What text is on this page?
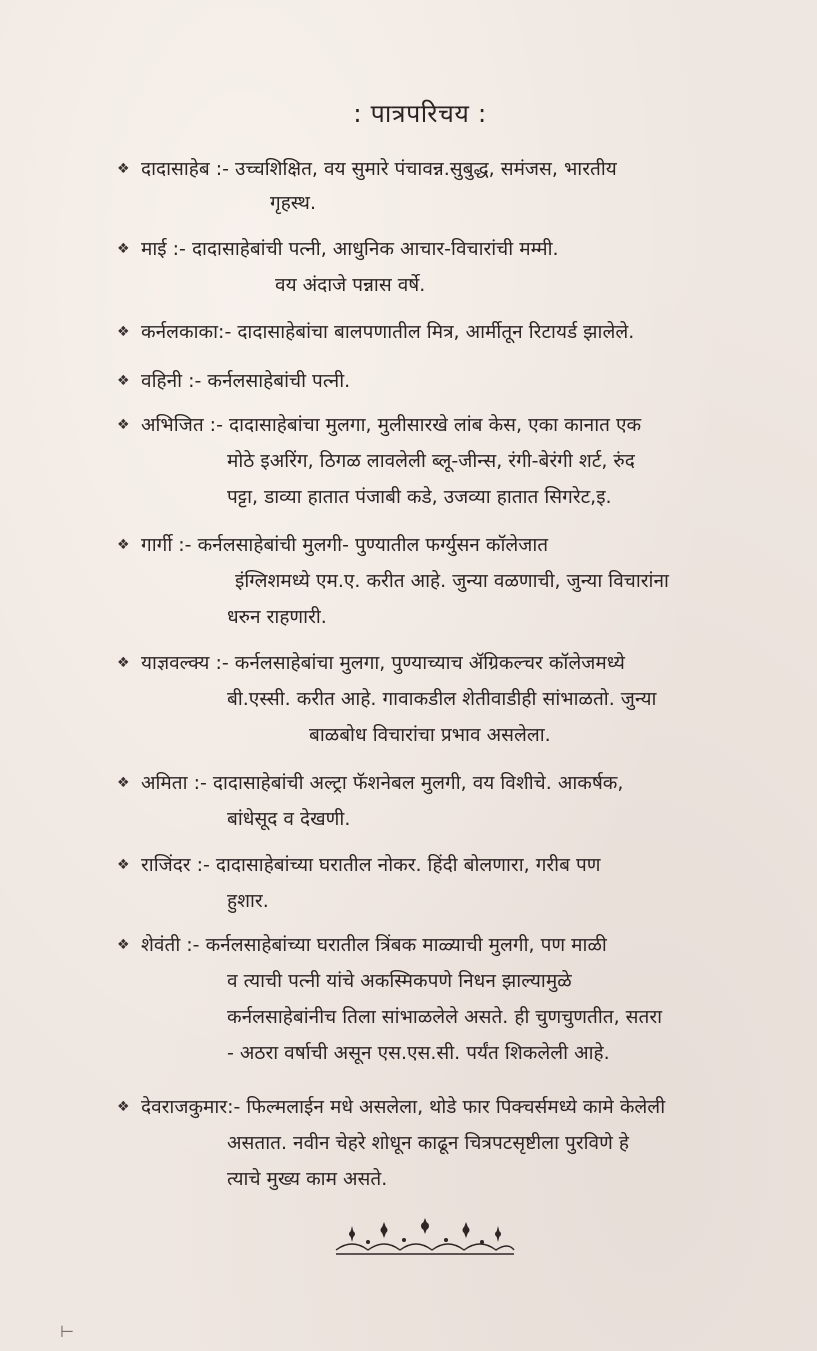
: पात्रपरिचय :
❖ दादासाहेब :- उच्चशिक्षित, वय सुमारे पंचावन्न.सुबुद्ध, समंजस, भारतीय
गृहस्थ.
❖ माई :- दादासाहेबांची पत्नी, आधुनिक आचार-विचारांची मम्मी.
वय अंदाजे पन्नास वर्षे.
❖ कर्नलकाका:- दादासाहेबांचा बालपणातील मित्र, आर्मीतून रिटायर्ड झालेले.
❖ वहिनी :- कर्नलसाहेबांची पत्नी.
❖ अभिजित :- दादासाहेबांचा मुलगा, मुलीसारखे लांब केस, एका कानात एक
मोठे इअरिंग, ठिगळ लावलेली ब्लू-जीन्स, रंगी-बेरंगी शर्ट, रुंद
पट्टा, डाव्या हातात पंजाबी कडे, उजव्या हातात सिगरेट,इ.
❖ गार्गी :- कर्नलसाहेबांची मुलगी- पुण्यातील फर्ग्युसन कॉलेजात
इंग्लिशमध्ये एम.ए. करीत आहे. जुन्या वळणाची, जुन्या विचारांना
धरुन राहणारी.
❖ याज्ञवल्क्य :- कर्नलसाहेबांचा मुलगा, पुण्याच्याच ॲग्रिकल्चर कॉलेजमध्ये
बी.एस्सी. करीत आहे. गावाकडील शेतीवाडीही सांभाळतो. जुन्या
बाळबोध विचारांचा प्रभाव असलेला.
❖ अमिता :- दादासाहेबांची अल्ट्रा फॅशनेबल मुलगी, वय विशीचे. आकर्षक,
बांधेसूद व देखणी.
❖ राजिंदर :- दादासाहेबांच्या घरातील नोकर. हिंदी बोलणारा, गरीब पण
हुशार.
❖ शेवंती :- कर्नलसाहेबांच्या घरातील त्रिंबक माळ्याची मुलगी, पण माळी
व त्याची पत्नी यांचे अकस्मिकपणे निधन झाल्यामुळे
कर्नलसाहेबांनीच तिला सांभाळलेले असते. ही चुणचुणतीत, सतरा
- अठरा वर्षाची असून एस.एस.सी. पर्यंत शिकलेली आहे.
❖ देवराजकुमार:- फिल्मलाईन मधे असलेला, थोडे फार पिक्चर्समध्ये कामे केलेली
असतात. नवीन चेहरे शोधून काढून चित्रपटसृष्टीला पुरविणे हे
त्याचे मुख्य काम असते.
⊢
